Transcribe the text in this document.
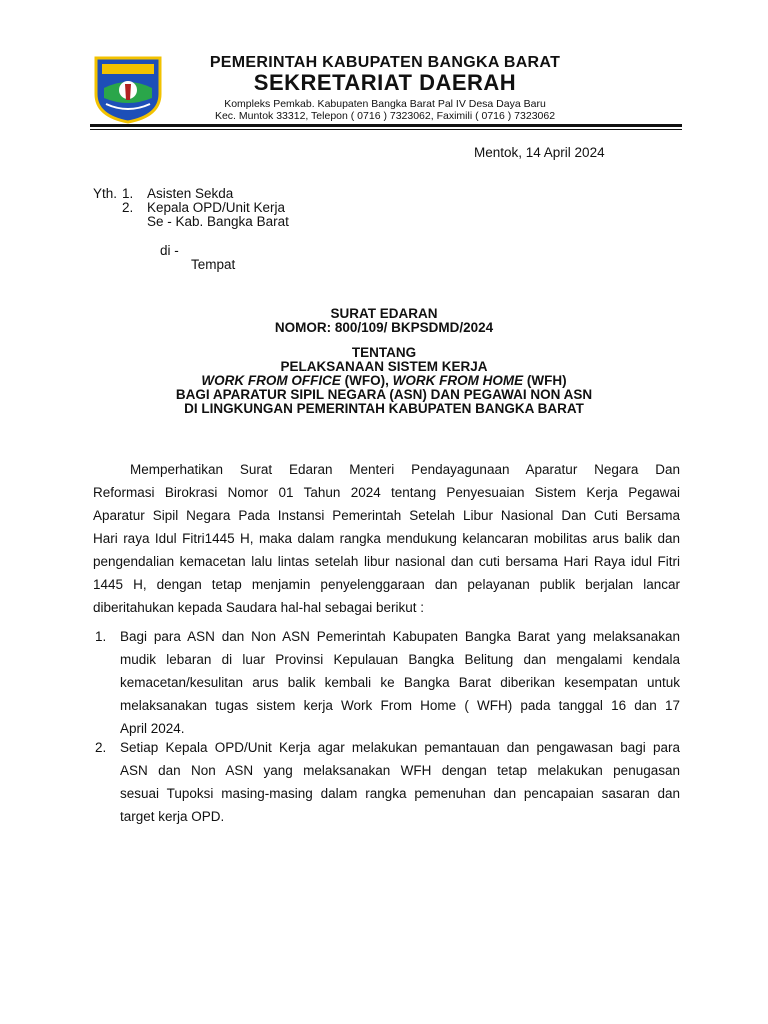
PEMERINTAH KABUPATEN BANGKA BARAT
SEKRETARIAT DAERAH
Kompleks Pemkab. Kabupaten Bangka Barat Pal IV Desa Daya Baru
Kec. Muntok 33312, Telepon ( 0716 ) 7323062, Faximili ( 0716 ) 7323062
Mentok, 14 April 2024
Yth. 1. Asisten Sekda
2. Kepala OPD/Unit Kerja
Se - Kab. Bangka Barat
di -
Tempat
SURAT EDARAN
NOMOR: 800/109/ BKPSDMD/2024
TENTANG
PELAKSANAAN SISTEM KERJA
WORK FROM OFFICE (WFO), WORK FROM HOME (WFH)
BAGI APARATUR SIPIL NEGARA (ASN) DAN PEGAWAI NON ASN
DI LINGKUNGAN PEMERINTAH KABUPATEN BANGKA BARAT
Memperhatikan Surat Edaran Menteri Pendayagunaan Aparatur Negara Dan
Reformasi Birokrasi Nomor 01 Tahun 2024 tentang Penyesuaian Sistem Kerja Pegawai
Aparatur Sipil Negara Pada Instansi Pemerintah Setelah Libur Nasional Dan Cuti Bersama
Hari raya Idul Fitri1445 H, maka dalam rangka mendukung kelancaran mobilitas arus balik dan
pengendalian kemacetan lalu lintas setelah libur nasional dan cuti bersama Hari Raya idul Fitri
1445 H, dengan tetap menjamin penyelenggaraan dan pelayanan publik berjalan lancar
diberitahukan kepada Saudara hal-hal sebagai berikut :
1. Bagi para ASN dan Non ASN Pemerintah Kabupaten Bangka Barat yang melaksanakan
mudik lebaran di luar Provinsi Kepulauan Bangka Belitung dan mengalami kendala
kemacetan/kesulitan arus balik kembali ke Bangka Barat diberikan kesempatan untuk
melaksanakan tugas sistem kerja Work From Home ( WFH) pada tanggal 16 dan 17
April 2024.
2. Setiap Kepala OPD/Unit Kerja agar melakukan pemantauan dan pengawasan bagi para
ASN dan Non ASN yang melaksanakan WFH dengan tetap melakukan penugasan
sesuai Tupoksi masing-masing dalam rangka pemenuhan dan pencapaian sasaran dan
target kerja OPD.
